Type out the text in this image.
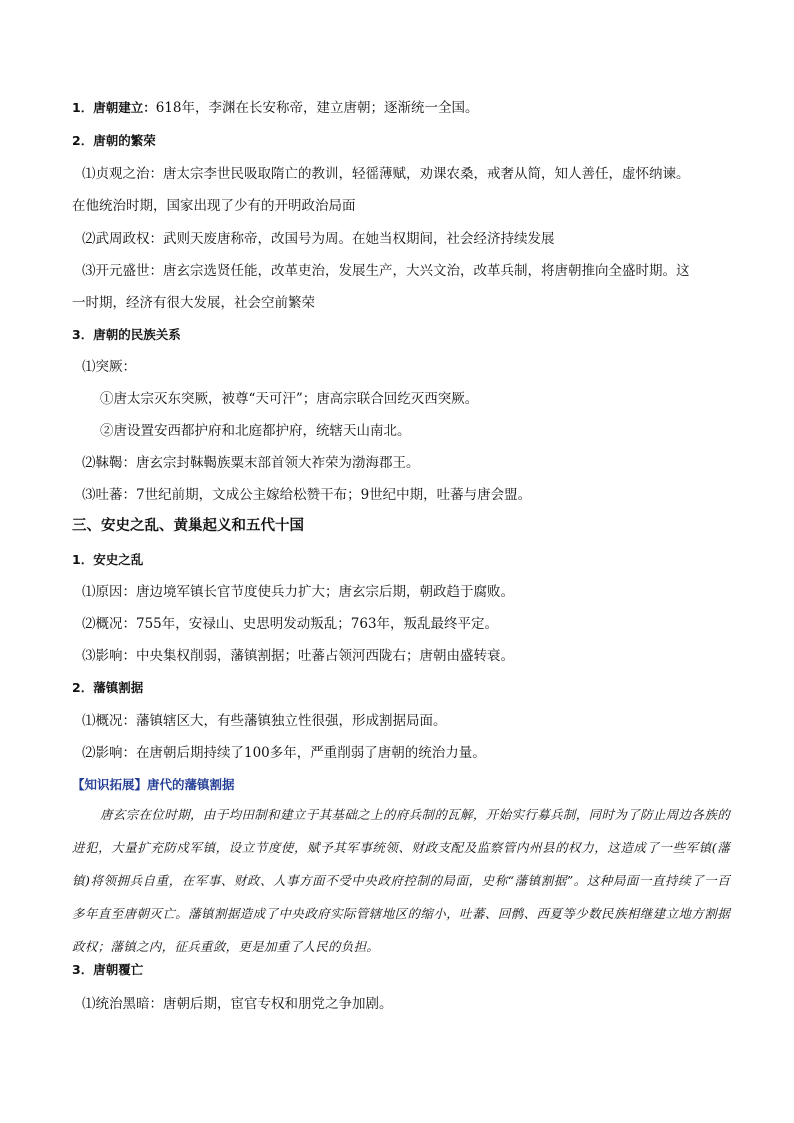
1．唐朝建立：618年，李渊在长安称帝，建立唐朝；逐渐统一全国。
2．唐朝的繁荣
⑴贞观之治：唐太宗李世民吸取隋亡的教训，轻徭薄赋，劝课农桑，戒奢从简，知人善任，虚怀纳谏。
在他统治时期，国家出现了少有的开明政治局面
⑵武周政权：武则天废唐称帝，改国号为周。在她当权期间，社会经济持续发展
⑶开元盛世：唐玄宗选贤任能，改革吏治，发展生产，大兴文治，改革兵制，将唐朝推向全盛时期。这
一时期，经济有很大发展，社会空前繁荣
3．唐朝的民族关系
⑴突厥：
①唐太宗灭东突厥，被尊“天可汗”；唐高宗联合回纥灭西突厥。
②唐设置安西都护府和北庭都护府，统辖天山南北。
⑵靺鞨：唐玄宗封靺鞨族粟末部首领大祚荣为渤海郡王。
⑶吐蕃：7世纪前期，文成公主嫁给松赞干布；9世纪中期，吐蕃与唐会盟。
三、安史之乱、黄巢起义和五代十国
1．安史之乱
⑴原因：唐边境军镇长官节度使兵力扩大；唐玄宗后期，朝政趋于腐败。
⑵概况：755年，安禄山、史思明发动叛乱；763年，叛乱最终平定。
⑶影响：中央集权削弱，藩镇割据；吐蕃占领河西陇右；唐朝由盛转衰。
2．藩镇割据
⑴概况：藩镇辖区大，有些藩镇独立性很强，形成割据局面。
⑵影响：在唐朝后期持续了100多年，严重削弱了唐朝的统治力量。
【知识拓展】唐代的藩镇割据

唐玄宗在位时期，由于均田制和建立于其基础之上的府兵制的瓦解，开始实行募兵制，同时为了防止周边各族的进犯，大量扩充防戍军镇，设立节度使，赋予其军事统领、财政支配及监察管内州县的权力，这造成了一些军镇(藩镇)将领拥兵自重，在军事、财政、人事方面不受中央政府控制的局面，史称“藩镇割据”。这种局面一直持续了一百多年直至唐朝灭亡。藩镇割据造成了中央政府实际管辖地区的缩小，吐蕃、回鹘、西夏等少数民族相继建立地方割据政权；藩镇之内，征兵重敛，更是加重了人民的负担。

3．唐朝覆亡
⑴统治黑暗：唐朝后期，宦官专权和朋党之争加剧。
